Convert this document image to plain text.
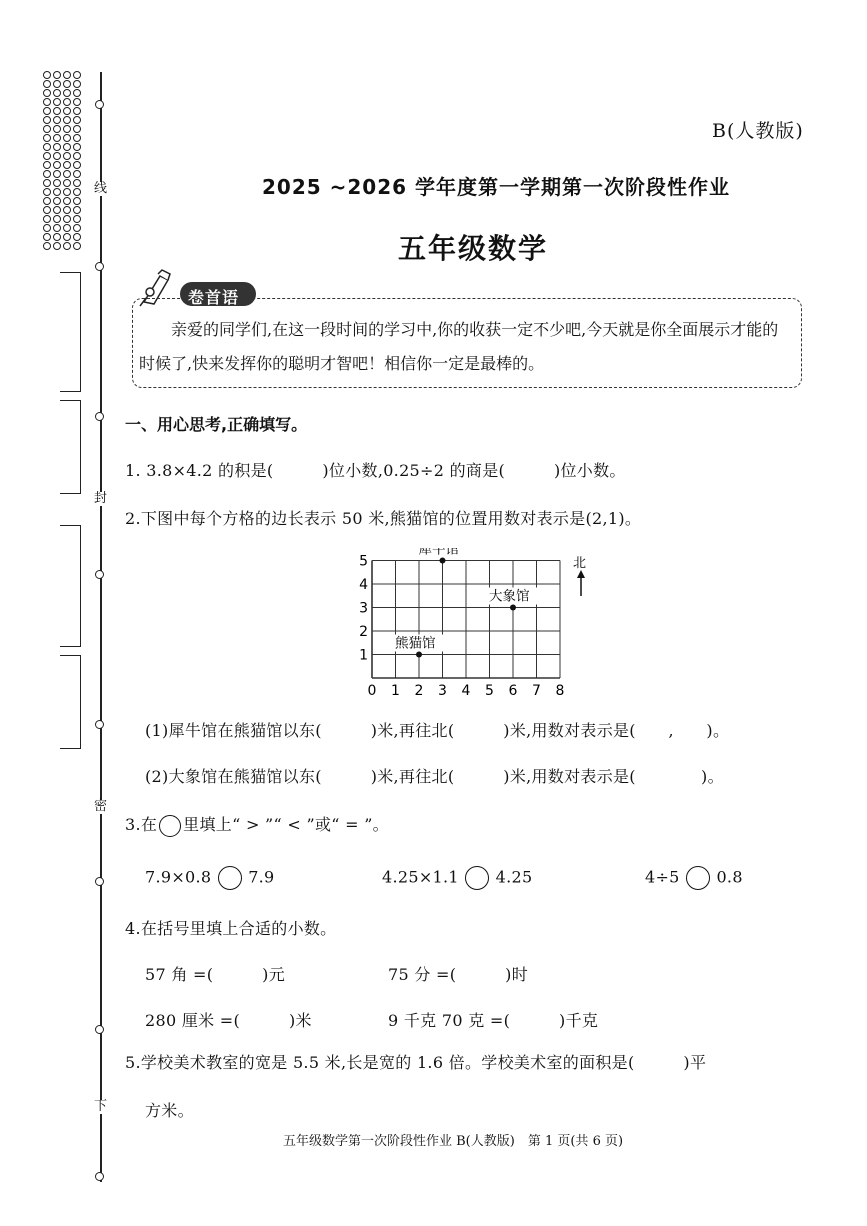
线
封
密
下
B(人教版)
2025 ~2026 学年度第一学期第一次阶段性作业
五年级数学
卷首语
亲爱的同学们,在这一段时间的学习中,你的收获一定不少吧,今天就是你全面展示才能的时候了,快来发挥你的聪明才智吧！相信你一定是最棒的。
一、用心思考,正确填写。
1. 3.8×4.2 的积是(　　　)位小数,0.25÷2 的商是(　　　)位小数。
2.下图中每个方格的边长表示 50 米,熊猫馆的位置用数对表示是(2,1)。
0 1 2 3 4 5 6 7 8
1
2
3
4
5
犀牛馆
大象馆
熊猫馆
北
(1)犀牛馆在熊猫馆以东(　　　)米,再往北(　　　)米,用数对表示是(　　,　　)。
(2)大象馆在熊猫馆以东(　　　)米,再往北(　　　)米,用数对表示是(　　　　)。
3.在 里填上“ > ”“ < ”或“ = ”。
7.9×0.8 7.9	4.25×1.1 4.25	4÷5 0.8
4.在括号里填上合适的小数。
57 角 =(　　　)元	75 分 =(　　　)时
280 厘米 =(　　　)米	9 千克 70 克 =(　　　)千克
5.学校美术教室的宽是 5.5 米,长是宽的 1.6 倍。学校美术室的面积是(　　　)平
方米。
五年级数学第一次阶段性作业 B(人教版)　第 1 页(共 6 页)
